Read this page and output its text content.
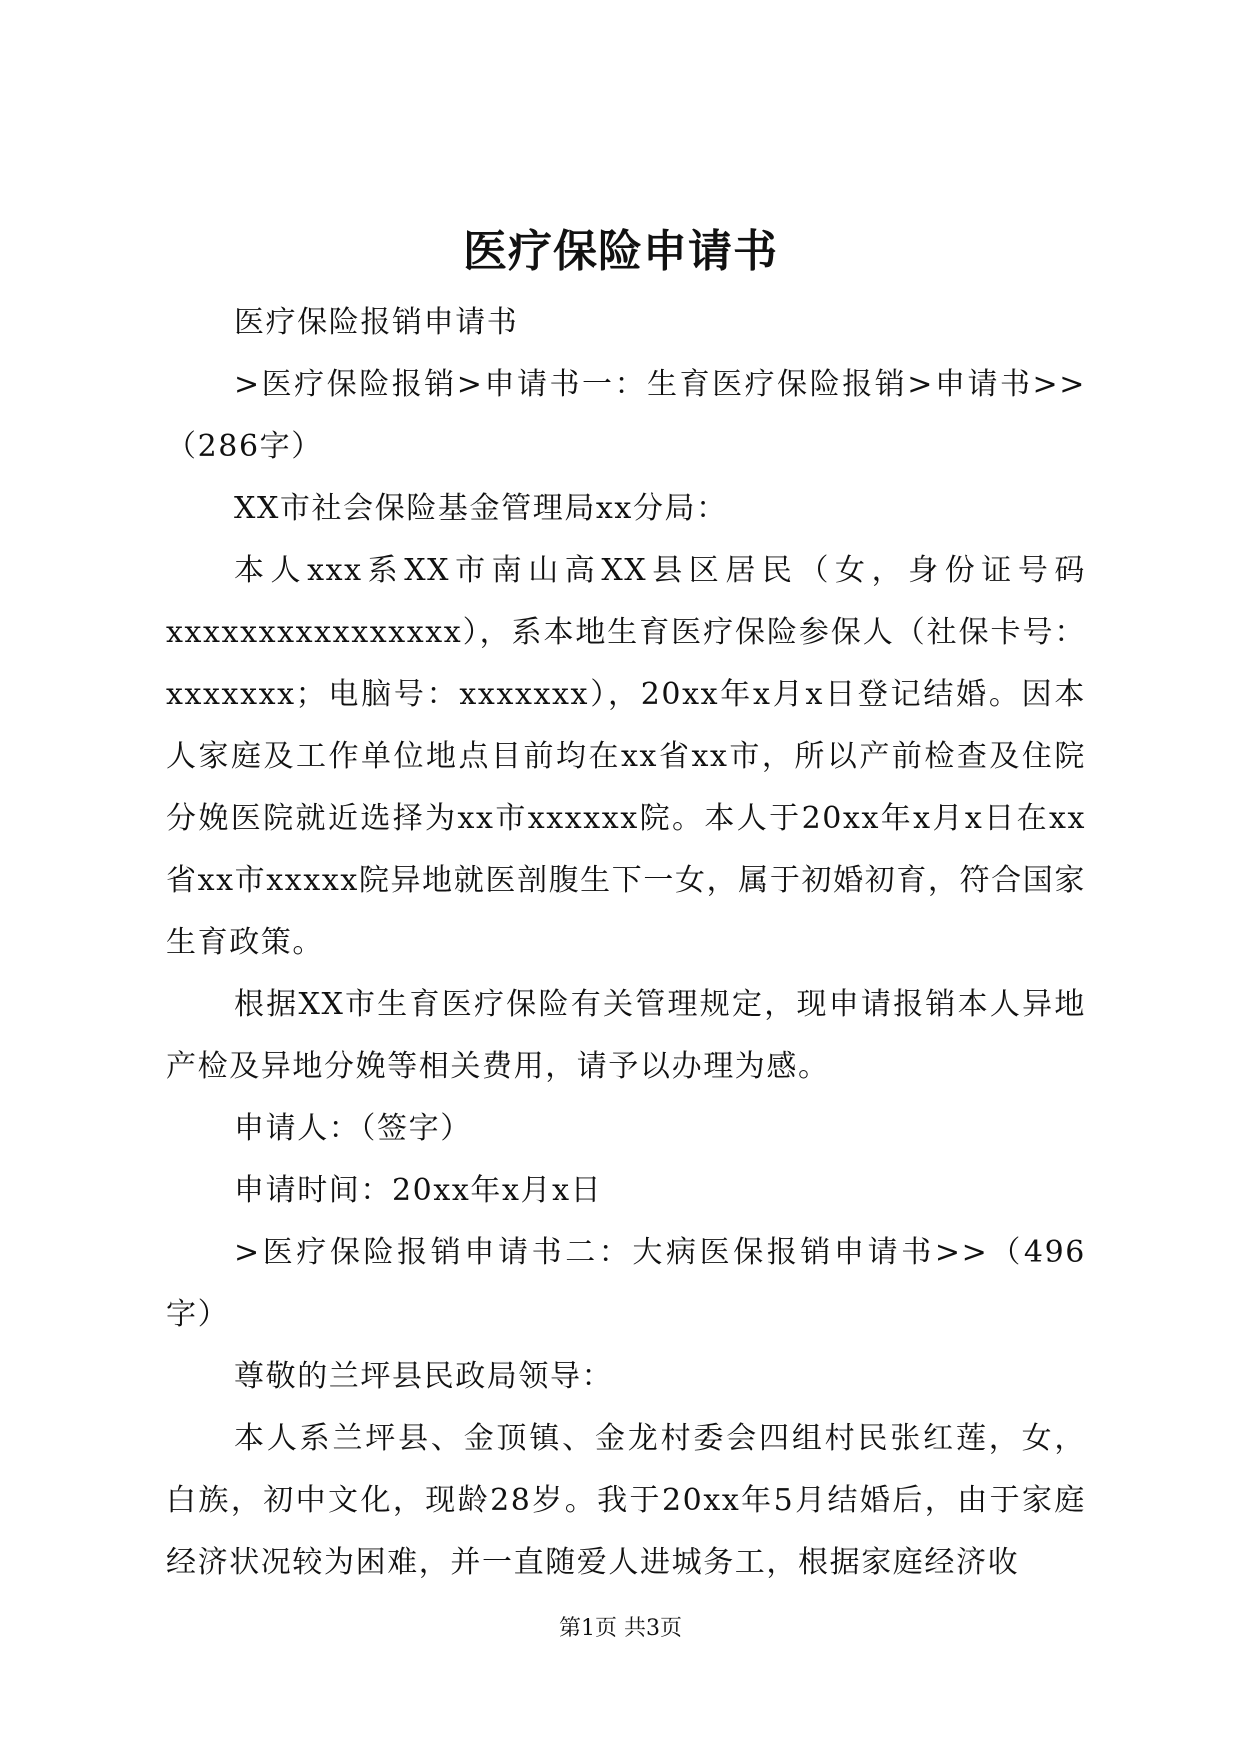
医疗保险申请书

医疗保险报销申请书

>医疗保险报销>申请书一：生育医疗保险报销>申请书>>（286字）

XX市社会保险基金管理局xx分局：

本人xxx系XX市南山高XX县区居民（女，身份证号码xxxxxxxxxxxxxxxx），系本地生育医疗保险参保人（社保卡号：xxxxxxx；电脑号：xxxxxxx），20xx年x月x日登记结婚。因本人家庭及工作单位地点目前均在xx省xx市，所以产前检查及住院分娩医院就近选择为xx市xxxxxx院。本人于20xx年x月x日在xx省xx市xxxxx院异地就医剖腹生下一女，属于初婚初育，符合国家生育政策。

根据XX市生育医疗保险有关管理规定，现申请报销本人异地产检及异地分娩等相关费用，请予以办理为感。

申请人：（签字）

申请时间：20xx年x月x日

>医疗保险报销申请书二：大病医保报销申请书>>（496字）

尊敬的兰坪县民政局领导：

本人系兰坪县、金顶镇、金龙村委会四组村民张红莲，女，白族，初中文化，现龄28岁。我于20xx年5月结婚后，由于家庭经济状况较为困难，并一直随爱人进城务工，根据家庭经济收

第1页 共3页
